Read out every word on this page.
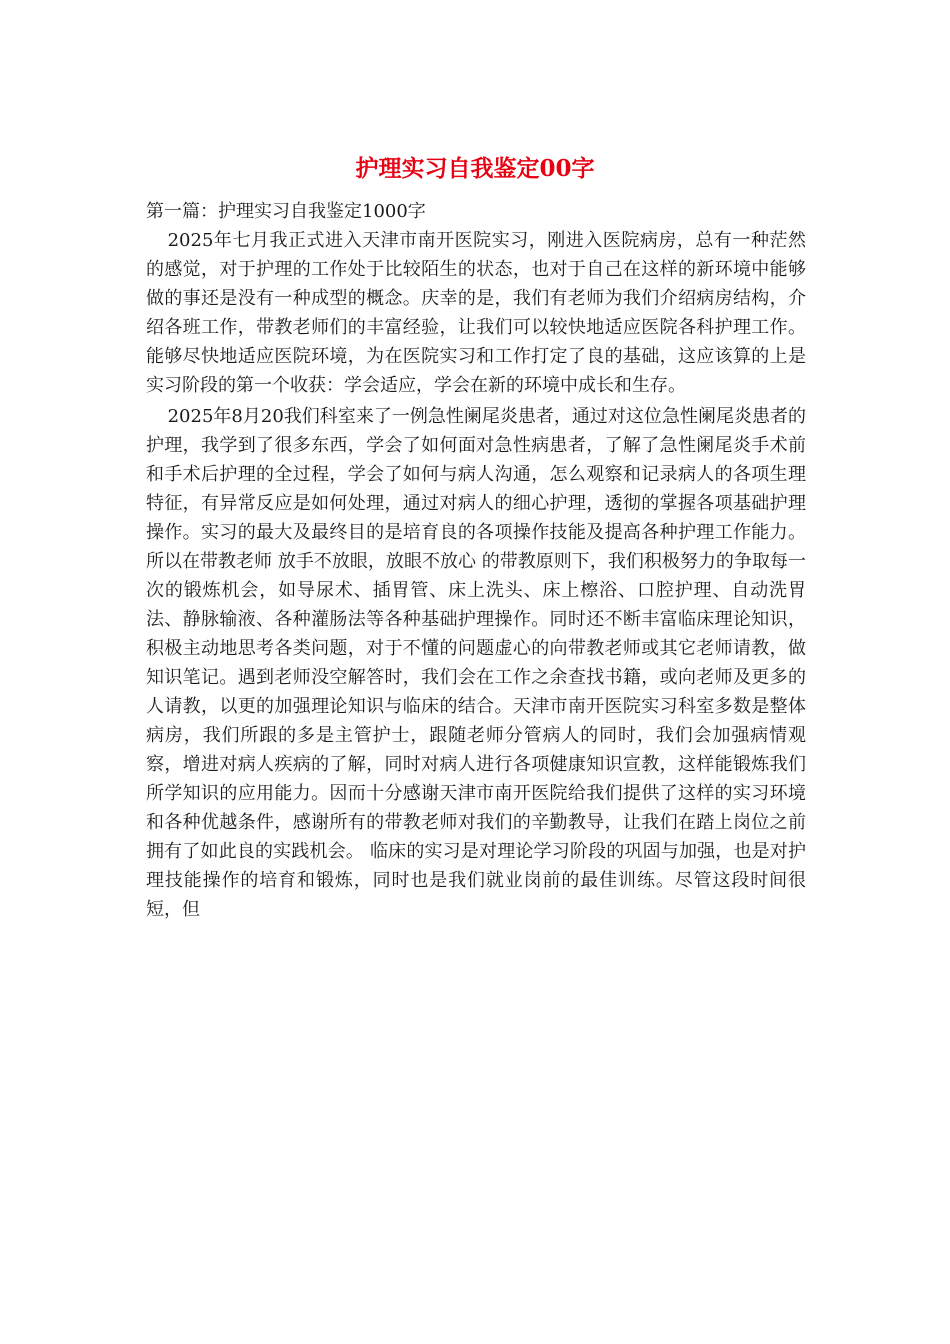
护理实习自我鉴定00字

第一篇：护理实习自我鉴定1000字

2025年七月我正式进入天津市南开医院实习，刚进入医院病房，总有一种茫然的感觉，对于护理的工作处于比较陌生的状态，也对于自己在这样的新环境中能够做的事还是没有一种成型的概念。庆幸的是，我们有老师为我们介绍病房结构，介绍各班工作，带教老师们的丰富经验，让我们可以较快地适应医院各科护理工作。能够尽快地适应医院环境，为在医院实习和工作打定了良的基础，这应该算的上是实习阶段的第一个收获：学会适应，学会在新的环境中成长和生存。

2025年8月20我们科室来了一例急性阑尾炎患者，通过对这位急性阑尾炎患者的护理，我学到了很多东西，学会了如何面对急性病患者，了解了急性阑尾炎手术前和手术后护理的全过程，学会了如何与病人沟通，怎么观察和记录病人的各项生理特征，有异常反应是如何处理，通过对病人的细心护理，透彻的掌握各项基础护理操作。实习的最大及最终目的是培育良的各项操作技能及提高各种护理工作能力。所以在带教老师 放手不放眼，放眼不放心 的带教原则下，我们积极努力的争取每一次的锻炼机会，如导尿术、插胃管、床上洗头、床上檫浴、口腔护理、自动洗胃法、静脉输液、各种灌肠法等各种基础护理操作。同时还不断丰富临床理论知识，积极主动地思考各类问题，对于不懂的问题虚心的向带教老师或其它老师请教，做知识笔记。遇到老师没空解答时，我们会在工作之余查找书籍，或向老师及更多的人请教，以更的加强理论知识与临床的结合。天津市南开医院实习科室多数是整体病房，我们所跟的多是主管护士，跟随老师分管病人的同时，我们会加强病情观察，增进对病人疾病的了解，同时对病人进行各项健康知识宣教，这样能锻炼我们所学知识的应用能力。因而十分感谢天津市南开医院给我们提供了这样的实习环境和各种优越条件，感谢所有的带教老师对我们的辛勤教导，让我们在踏上岗位之前拥有了如此良的实践机会。 临床的实习是对理论学习阶段的巩固与加强，也是对护理技能操作的培育和锻炼，同时也是我们就业岗前的最佳训练。尽管这段时间很短，但
